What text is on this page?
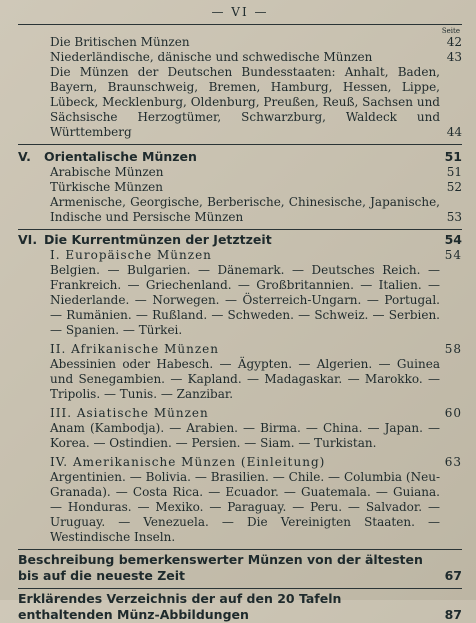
— VI —
Seite
Die Britischen Münzen	42
Niederländische, dänische und schwedische Münzen	43
Die Münzen der Deutschen Bundesstaaten: Anhalt, Baden, Bayern, Braunschweig, Bremen, Hamburg, Hessen, Lippe, Lübeck, Mecklenburg, Oldenburg, Preußen, Reuß, Sachsen und Sächsische Herzogtümer, Schwarzburg, Waldeck und Württemberg	44
V. Orientalische Münzen	51
Arabische Münzen	51
Türkische Münzen	52
Armenische, Georgische, Berberische, Chinesische, Japanische, Indische und Persische Münzen	53
VI. Die Kurrentmünzen der Jetztzeit	54
I. Europäische Münzen	54
Belgien. — Bulgarien. — Dänemark. — Deutsches Reich. — Frankreich. — Griechenland. — Großbritannien. — Italien. — Niederlande. — Norwegen. — Österreich-Ungarn. — Portugal. — Rumänien. — Rußland. — Schweden. — Schweiz. — Serbien. — Spanien. — Türkei.
II. Afrikanische Münzen	58
Abessinien oder Habesch. — Ägypten. — Algerien. — Guinea und Senegambien. — Kapland. — Madagaskar. — Marokko. — Tripolis. — Tunis. — Zanzibar.
III. Asiatische Münzen	60
Anam (Kambodja). — Arabien. — Birma. — China. — Japan. — Korea. — Ostindien. — Persien. — Siam. — Turkistan.
IV. Amerikanische Münzen (Einleitung)	63
Argentinien. — Bolivia. — Brasilien. — Chile. — Columbia (Neu-Granada). — Costa Rica. — Ecuador. — Guatemala. — Guiana. — Honduras. — Mexiko. — Paraguay. — Peru. — Salvador. — Uruguay. — Venezuela. — Die Vereinigten Staaten. — Westindische Inseln.
Beschreibung bemerkenswerter Münzen von der ältesten bis auf die neueste Zeit	67
Erklärendes Verzeichnis der auf den 20 Tafeln enthaltenden Münz-Abbildungen	87
